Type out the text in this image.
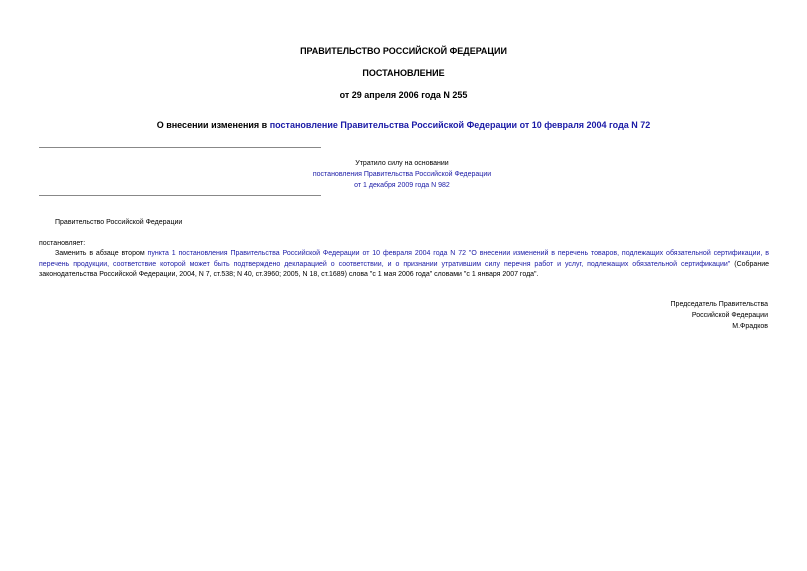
ПРАВИТЕЛЬСТВО РОССИЙСКОЙ ФЕДЕРАЦИИ
ПОСТАНОВЛЕНИЕ
от 29 апреля 2006 года N 255
О внесении изменения в постановление Правительства Российской Федерации от 10 февраля 2004 года N 72
Утратило силу на основании
постановления Правительства Российской Федерации
от 1 декабря 2009 года N 982
Правительство Российской Федерации
постановляет:
Заменить в абзаце втором пункта 1 постановления Правительства Российской Федерации от 10 февраля 2004 года N 72 "О внесении изменений в перечень товаров, подлежащих обязательной сертификации, в перечень продукции, соответствие которой может быть подтверждено декларацией о соответствии, и о признании утратившим силу перечня работ и услуг, подлежащих обязательной сертификации" (Собрание законодательства Российской Федерации, 2004, N 7, ст.538; N 40, ст.3960; 2005, N 18, ст.1689) слова "с 1 мая 2006 года" словами "с 1 января 2007 года".
Председатель Правительства
Российской Федерации
М.Фрадков
